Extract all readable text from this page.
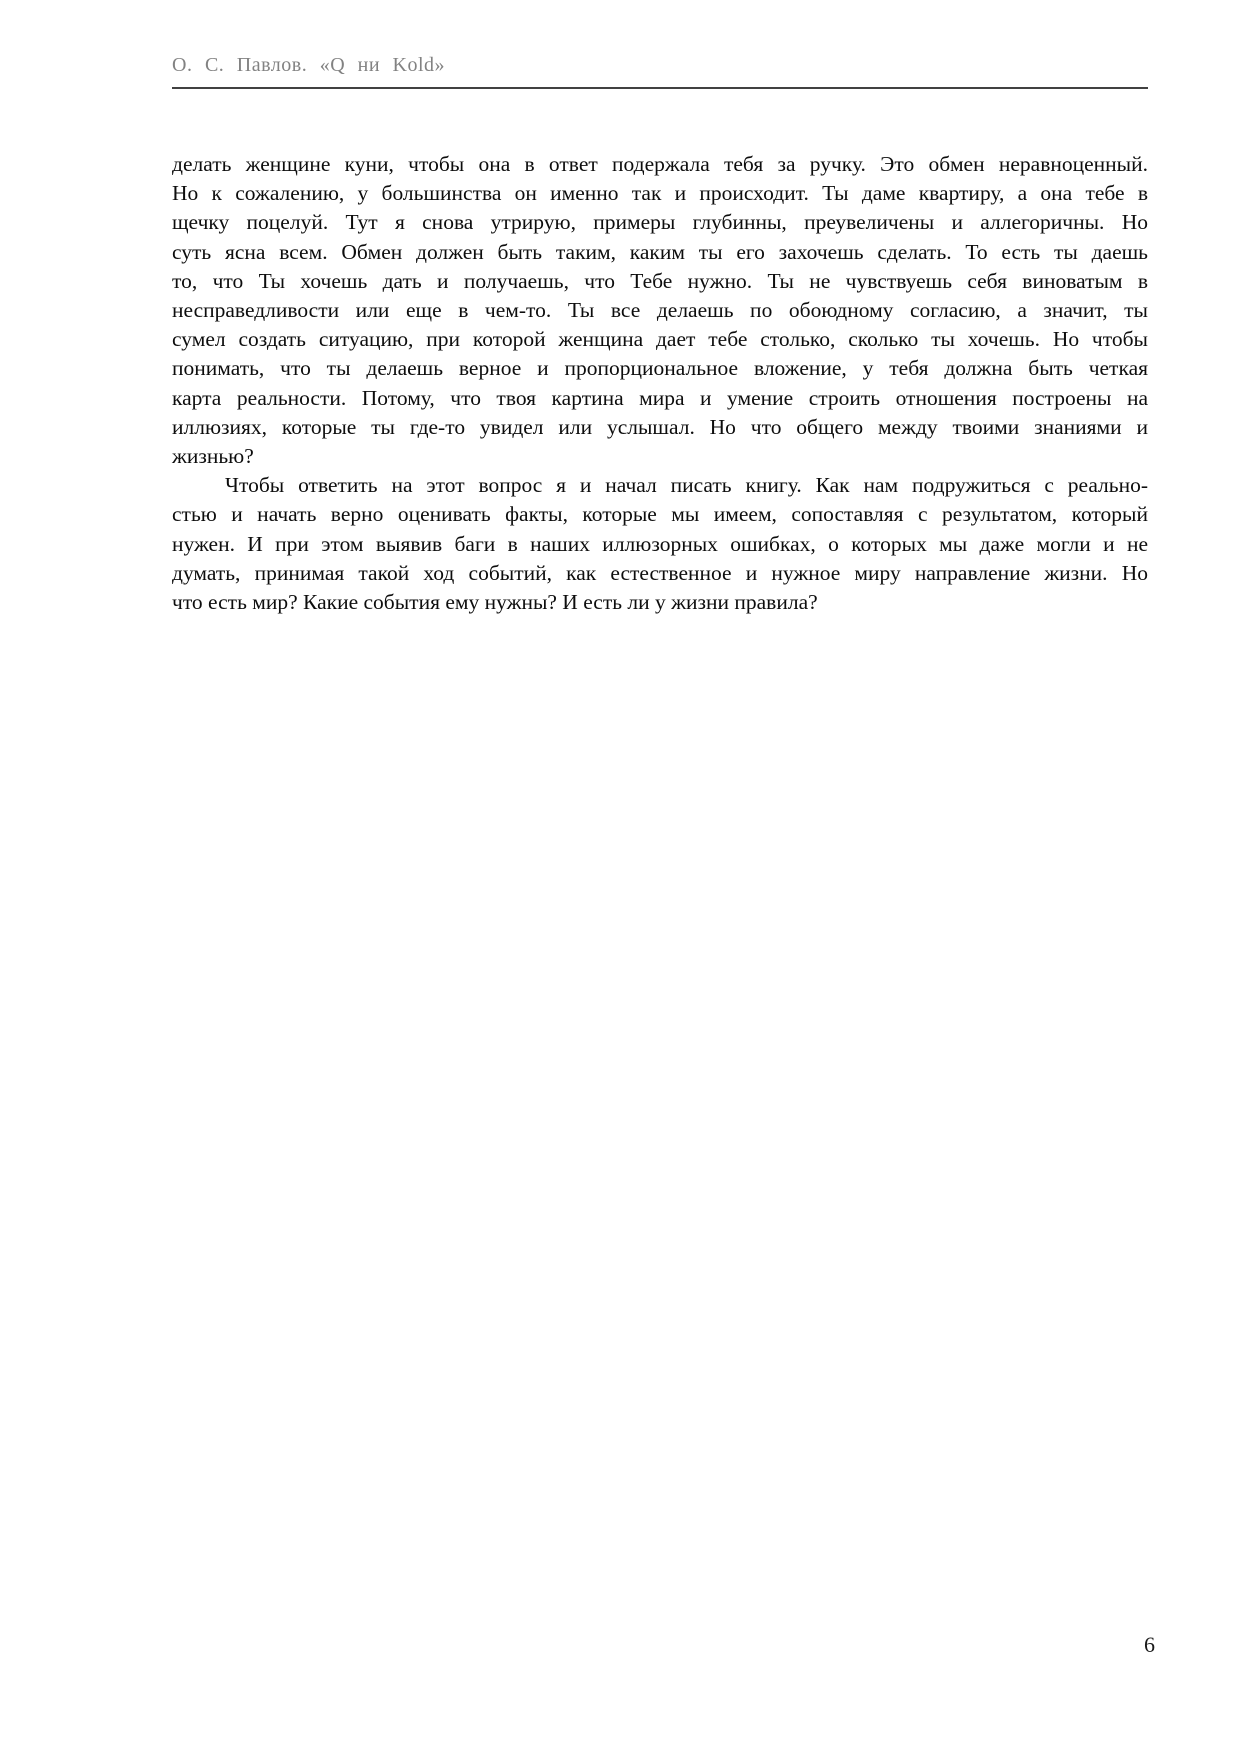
О. С. Павлов. «Q ни Kold»
делать женщине куни, чтобы она в ответ подержала тебя за ручку. Это обмен неравноценный.
Но к сожалению, у большинства он именно так и происходит. Ты даме квартиру, а она тебе в
щечку поцелуй. Тут я снова утрирую, примеры глубинны, преувеличены и аллегоричны. Но
суть ясна всем. Обмен должен быть таким, каким ты его захочешь сделать. То есть ты даешь
то, что Ты хочешь дать и получаешь, что Тебе нужно. Ты не чувствуешь себя виноватым в
несправедливости или еще в чем-то. Ты все делаешь по обоюдному согласию, а значит, ты
сумел создать ситуацию, при которой женщина дает тебе столько, сколько ты хочешь. Но чтобы
понимать, что ты делаешь верное и пропорциональное вложение, у тебя должна быть четкая
карта реальности. Потому, что твоя картина мира и умение строить отношения построены на
иллюзиях, которые ты где-то увидел или услышал. Но что общего между твоими знаниями и
жизнью?
Чтобы ответить на этот вопрос я и начал писать книгу. Как нам подружиться с реально-
стью и начать верно оценивать факты, которые мы имеем, сопоставляя с результатом, который
нужен. И при этом выявив баги в наших иллюзорных ошибках, о которых мы даже могли и не
думать, принимая такой ход событий, как естественное и нужное миру направление жизни. Но
что есть мир? Какие события ему нужны? И есть ли у жизни правила?
6
